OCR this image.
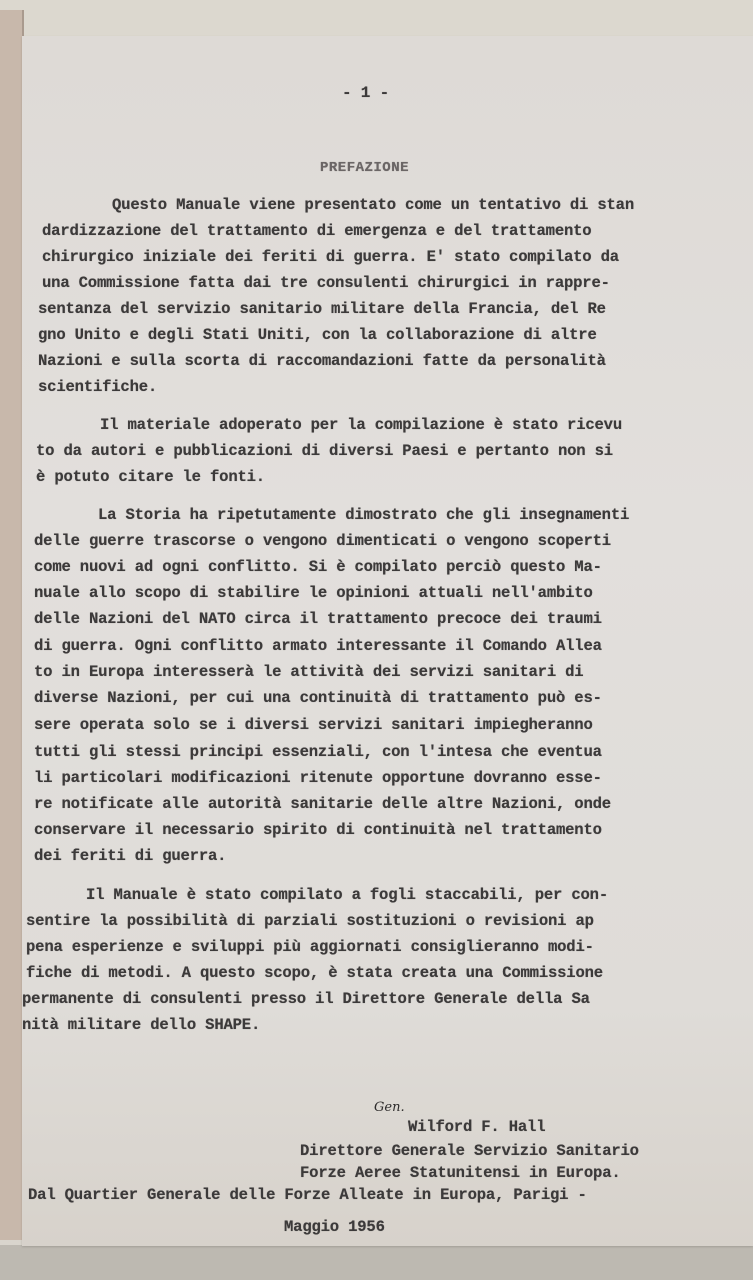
- 1 -
PREFAZIONE
Questo Manuale viene presentato come un tentativo di stan
dardizzazione del trattamento di emergenza e del trattamento
chirurgico iniziale dei feriti di guerra. E' stato compilato da
una Commissione fatta dai tre consulenti chirurgici in rappre-
sentanza del servizio sanitario militare della Francia, del Re
gno Unito e degli Stati Uniti, con la collaborazione di altre
Nazioni e sulla scorta di raccomandazioni fatte da personalità
scientifiche.
Il materiale adoperato per la compilazione è stato ricevu
to da autori e pubblicazioni di diversi Paesi e pertanto non si
è potuto citare le fonti.
La Storia ha ripetutamente dimostrato che gli insegnamenti
delle guerre trascorse o vengono dimenticati o vengono scoperti
come nuovi ad ogni conflitto. Si è compilato perciò questo Ma-
nuale allo scopo di stabilire le opinioni attuali nell'ambito
delle Nazioni del NATO circa il trattamento precoce dei traumi
di guerra. Ogni conflitto armato interessante il Comando Allea
to in Europa interesserà le attività dei servizi sanitari di
diverse Nazioni, per cui una continuità di trattamento può es-
sere operata solo se i diversi servizi sanitari impiegheranno
tutti gli stessi principi essenziali, con l'intesa che eventua
li particolari modificazioni ritenute opportune dovranno esse-
re notificate alle autorità sanitarie delle altre Nazioni, onde
conservare il necessario spirito di continuità nel trattamento
dei feriti di guerra.
Il Manuale è stato compilato a fogli staccabili, per con-
sentire la possibilità di parziali sostituzioni o revisioni ap
pena esperienze e sviluppi più aggiornati consiglieranno modi-
fiche di metodi. A questo scopo, è stata creata una Commissione
permanente di consulenti presso il Direttore Generale della Sa
nità militare dello SHAPE.
Gen.
Wilford F. Hall
Direttore Generale Servizio Sanitario
Forze Aeree Statunitensi in Europa.
Dal Quartier Generale delle Forze Alleate in Europa, Parigi -
Maggio 1956
